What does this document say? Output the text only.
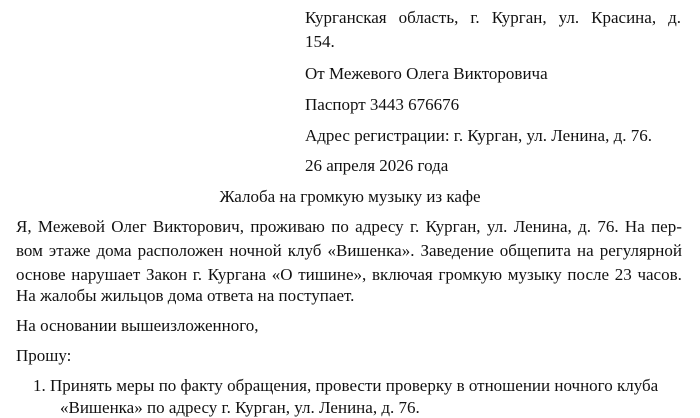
Курганская область, г. Курган, ул. Красина, д.
154.
От Межевого Олега Викторовича
Паспорт 3443 676676
Адрес регистрации: г. Курган, ул. Ленина, д. 76.
26 апреля 2026 года
Жалоба на громкую музыку из кафе
Я, Межевой Олег Викторович, проживаю по адресу г. Курган, ул. Ленина, д. 76. На пер-
вом этаже дома расположен ночной клуб «Вишенка». Заведение общепита на регулярной
основе нарушает Закон г. Кургана «О тишине», включая громкую музыку после 23 часов.
На жалобы жильцов дома ответа на поступает.
На основании вышеизложенного,
Прошу:
1. Принять меры по факту обращения, провести проверку в отношении ночного клуба
«Вишенка» по адресу г. Курган, ул. Ленина, д. 76.
